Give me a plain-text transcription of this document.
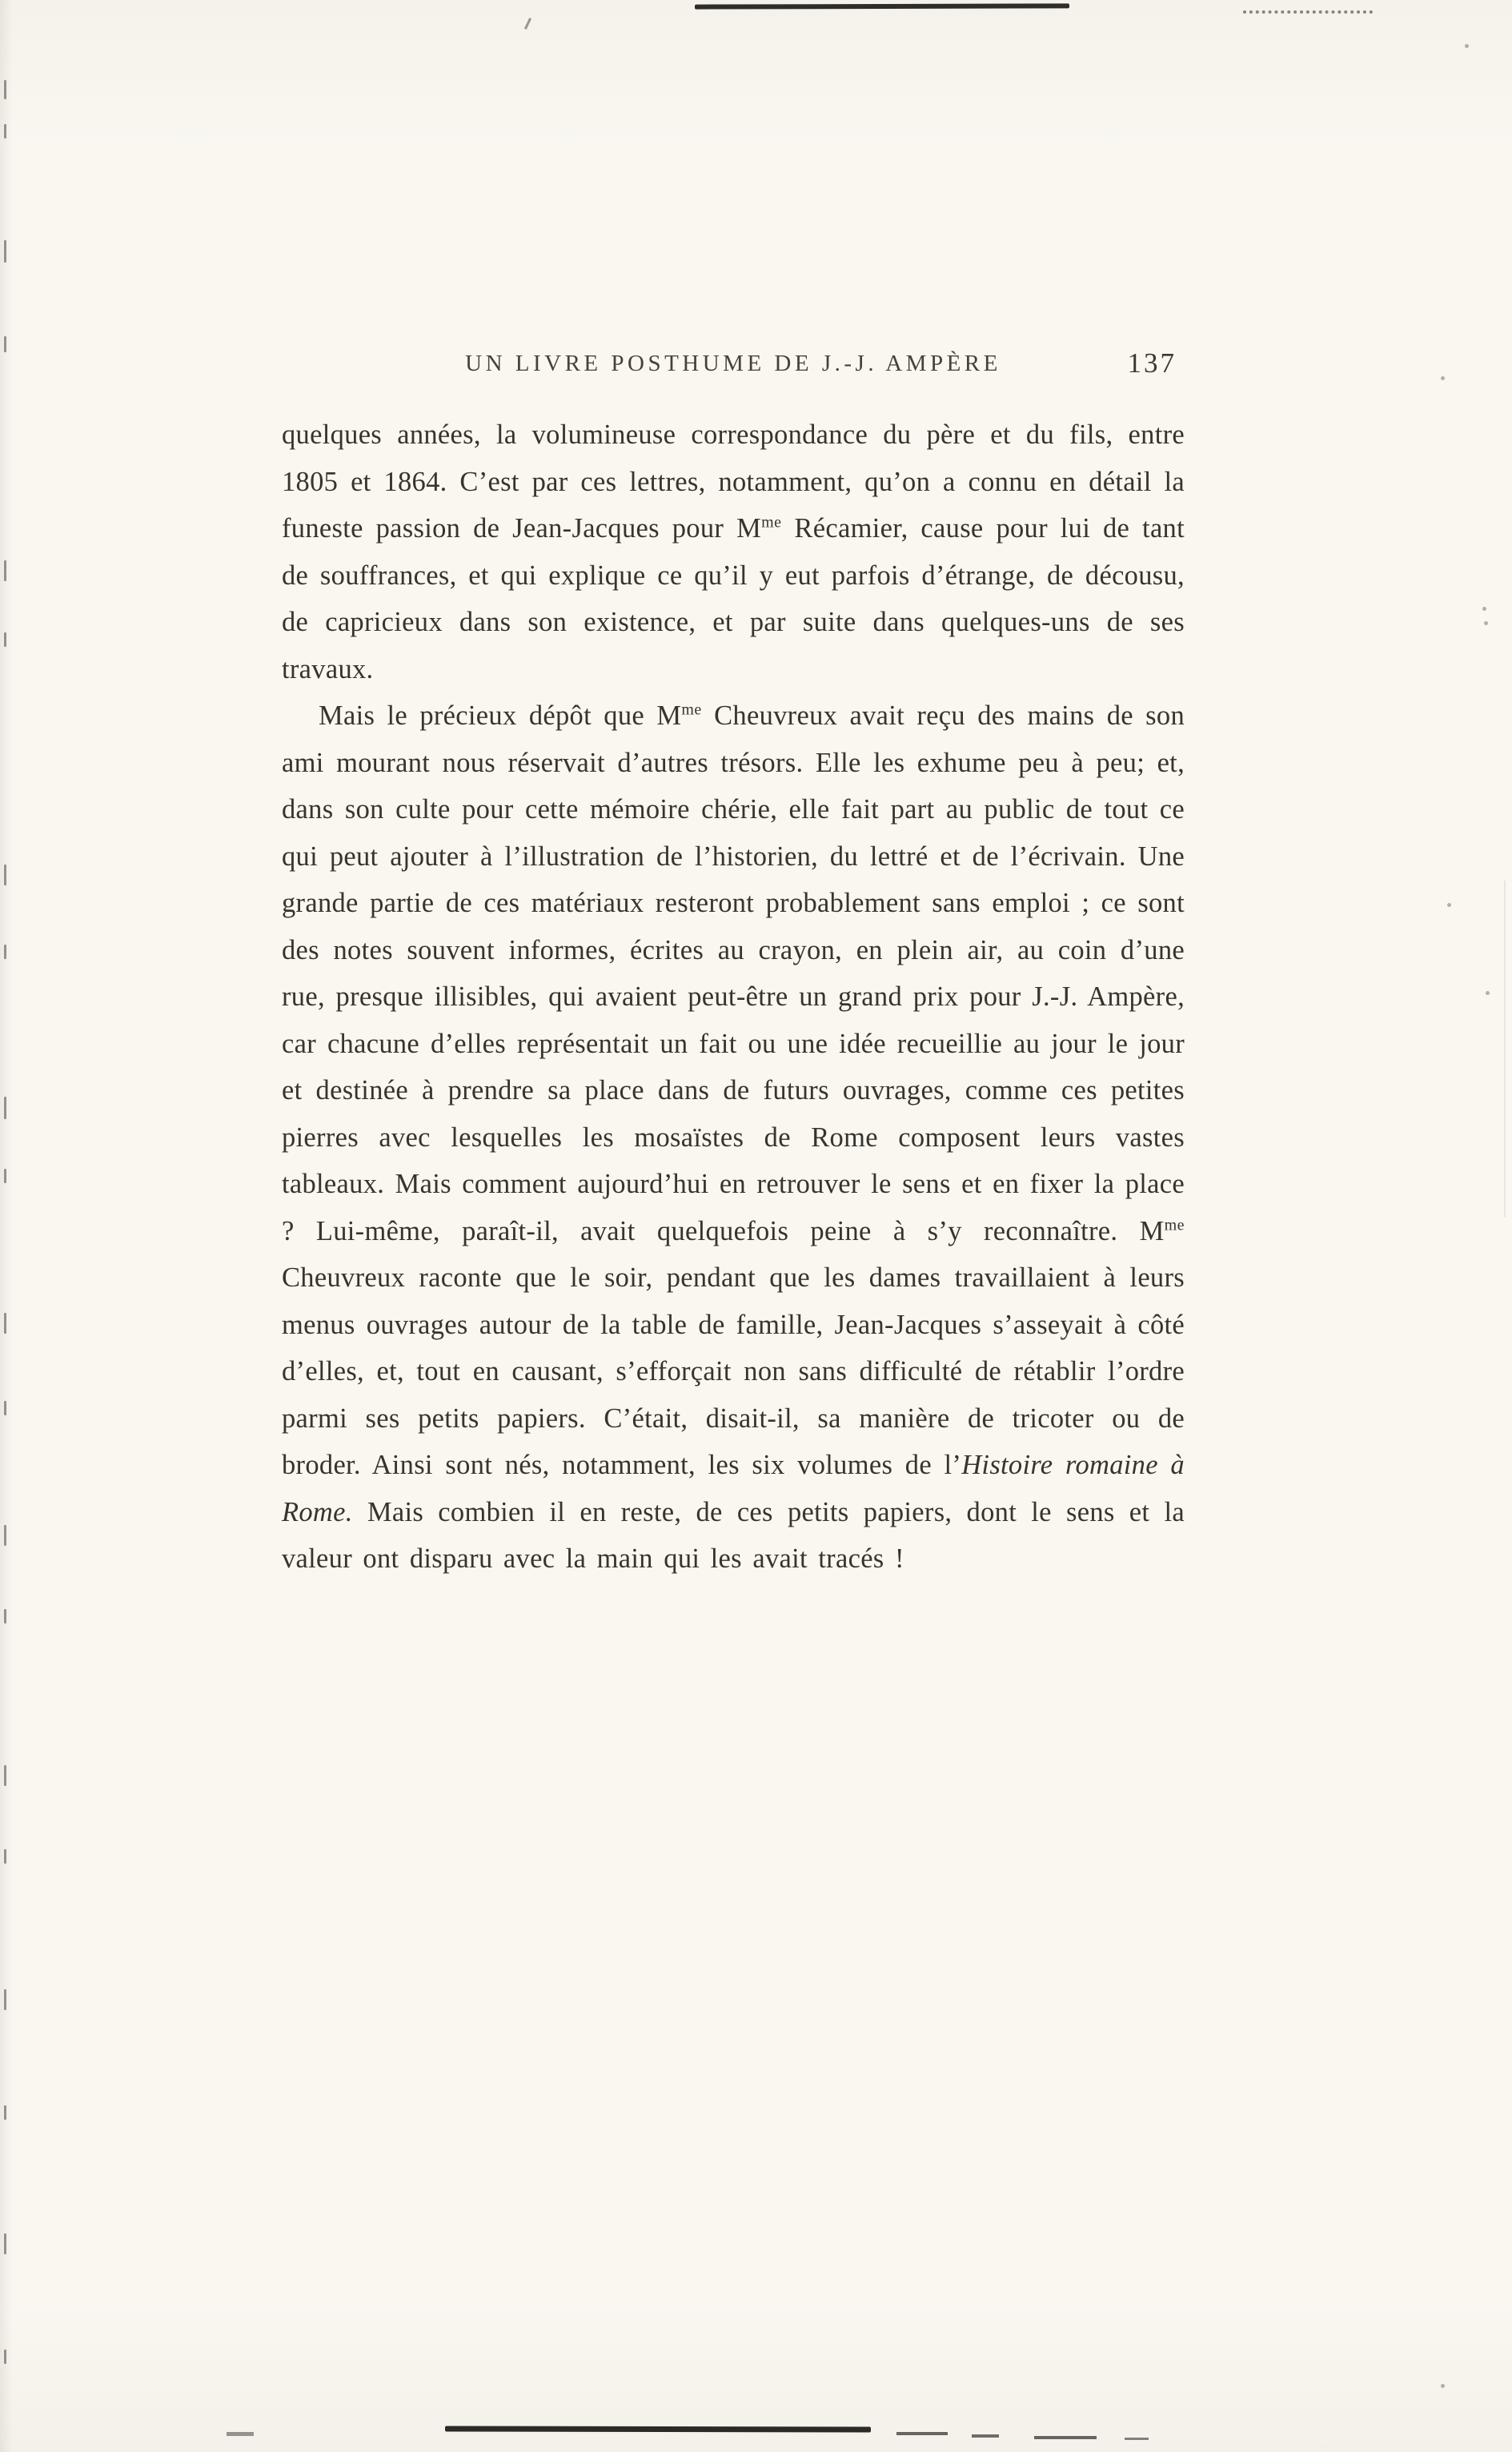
UN LIVRE POSTHUME DE J.-J. AMPÈRE	137

quelques années, la volumineuse correspondance du père et du fils, entre 1805 et 1864. C’est par ces lettres, notamment, qu’on a connu en détail la funeste passion de Jean-Jacques pour $M^{me}$ Récamier, cause pour lui de tant de souffrances, et qui explique ce qu’il y eut parfois d’étrange, de décousu, de capricieux dans son existence, et par suite dans quelques-uns de ses travaux.

Mais le précieux dépôt que $M^{me}$ Cheuvreux avait reçu des mains de son ami mourant nous réservait d’autres trésors. Elle les exhume peu à peu; et, dans son culte pour cette mémoire chérie, elle fait part au public de tout ce qui peut ajouter à l’illustration de l’historien, du lettré et de l’écrivain. Une grande partie de ces matériaux resteront probablement sans emploi ; ce sont des notes souvent informes, écrites au crayon, en plein air, au coin d’une rue, presque illisibles, qui avaient peut-être un grand prix pour J.-J. Ampère, car chacune d’elles représentait un fait ou une idée recueillie au jour le jour et destinée à prendre sa place dans de futurs ouvrages, comme ces petites pierres avec lesquelles les mosaïstes de Rome composent leurs vastes tableaux. Mais comment aujourd’hui en retrouver le sens et en fixer la place ? Lui-même, paraît-il, avait quelquefois peine à s’y reconnaître. $M^{me}$ Cheuvreux raconte que le soir, pendant que les dames travaillaient à leurs menus ouvrages autour de la table de famille, Jean-Jacques s’asseyait à côté d’elles, et, tout en causant, s’efforçait non sans difficulté de rétablir l’ordre parmi ses petits papiers. C’était, disait-il, sa manière de tricoter ou de broder. Ainsi sont nés, notamment, les six volumes de l’Histoire romaine à Rome. Mais combien il en reste, de ces petits papiers, dont le sens et la valeur ont disparu avec la main qui les avait tracés !
